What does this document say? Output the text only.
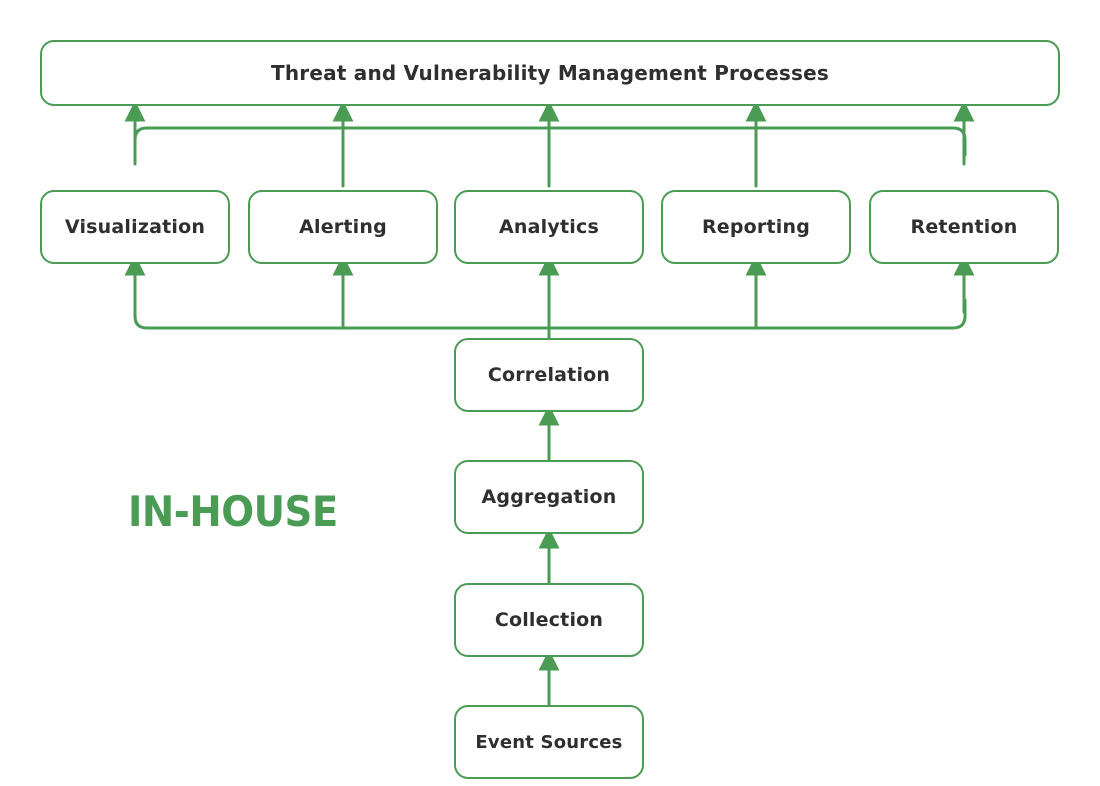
Threat and Vulnerability Management Processes
Visualization	Alerting	Analytics	Reporting	Retention
Correlation
Aggregation
Collection
Event Sources
IN-HOUSE
